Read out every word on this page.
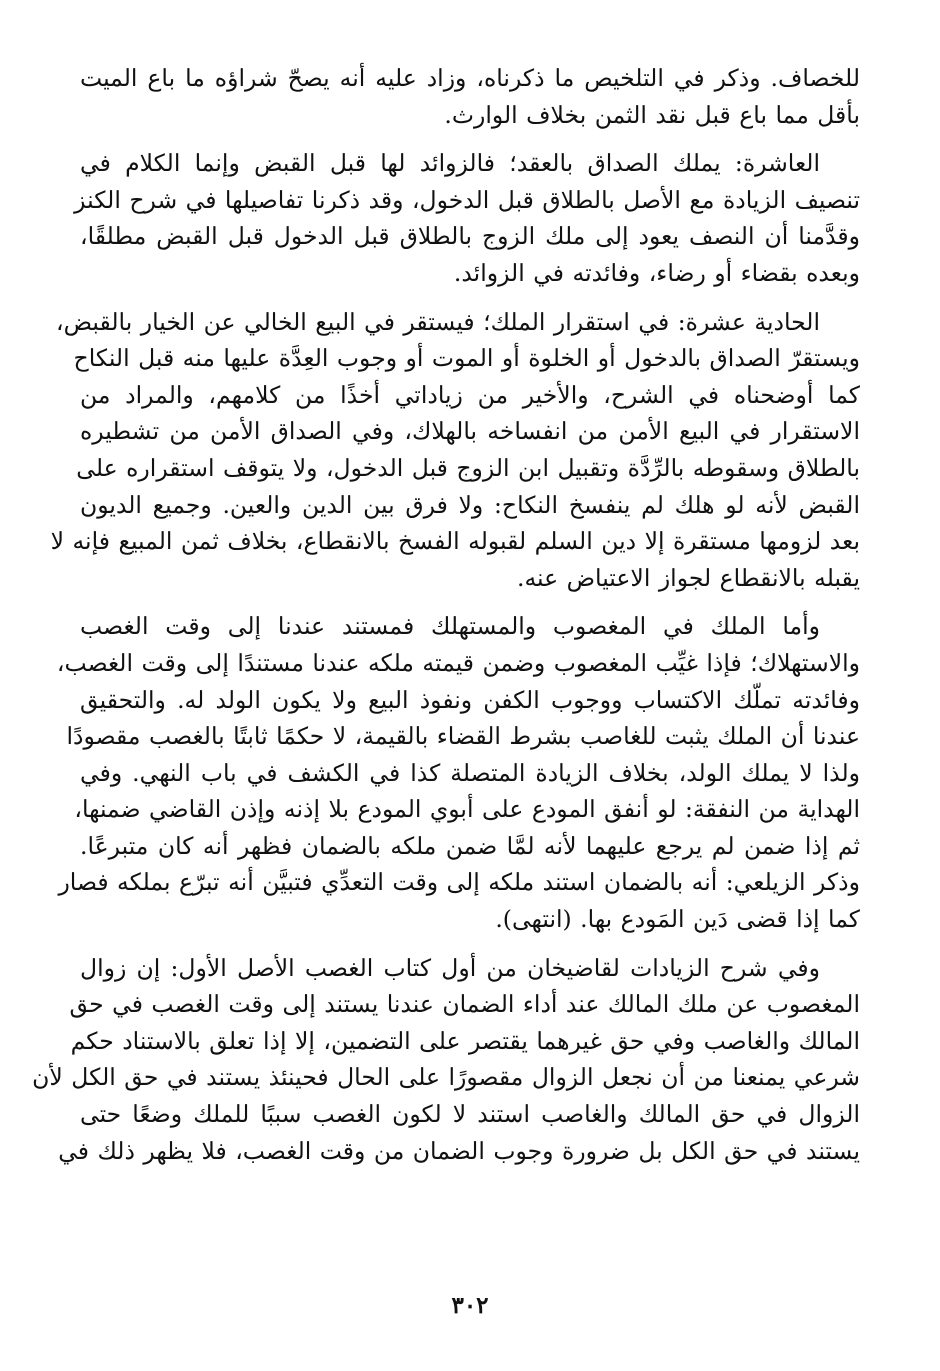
للخصاف. وذكر في التلخيص ما ذكرناه، وزاد عليه أنه يصحّ شراؤه ما باع الميت
بأقل مما باع قبل نقد الثمن بخلاف الوارث.
العاشرة: يملك الصداق بالعقد؛ فالزوائد لها قبل القبض وإنما الكلام في
تنصيف الزيادة مع الأصل بالطلاق قبل الدخول، وقد ذكرنا تفاصيلها في شرح الكنز
وقدَّمنا أن النصف يعود إلى ملك الزوج بالطلاق قبل الدخول قبل القبض مطلقًا،
وبعده بقضاء أو رضاء، وفائدته في الزوائد.
الحادية عشرة: في استقرار الملك؛ فيستقر في البيع الخالي عن الخيار بالقبض،
ويستقرّ الصداق بالدخول أو الخلوة أو الموت أو وجوب العِدَّة عليها منه قبل النكاح
كما أوضحناه في الشرح، والأخير من زياداتي أخذًا من كلامهم، والمراد من
الاستقرار في البيع الأمن من انفساخه بالهلاك، وفي الصداق الأمن من تشطيره
بالطلاق وسقوطه بالرِّدَّة وتقبيل ابن الزوج قبل الدخول، ولا يتوقف استقراره على
القبض لأنه لو هلك لم ينفسخ النكاح: ولا فرق بين الدين والعين. وجميع الديون
بعد لزومها مستقرة إلا دين السلم لقبوله الفسخ بالانقطاع، بخلاف ثمن المبيع فإنه لا
يقبله بالانقطاع لجواز الاعتياض عنه.
وأما الملك في المغصوب والمستهلك فمستند عندنا إلى وقت الغصب
والاستهلاك؛ فإذا غيِّب المغصوب وضمن قيمته ملكه عندنا مستندًا إلى وقت الغصب،
وفائدته تملّك الاكتساب ووجوب الكفن ونفوذ البيع ولا يكون الولد له. والتحقيق
عندنا أن الملك يثبت للغاصب بشرط القضاء بالقيمة، لا حكمًا ثابتًا بالغصب مقصودًا
ولذا لا يملك الولد، بخلاف الزيادة المتصلة كذا في الكشف في باب النهي. وفي
الهداية من النفقة: لو أنفق المودع على أبوي المودع بلا إذنه وإذن القاضي ضمنها،
ثم إذا ضمن لم يرجع عليهما لأنه لمَّا ضمن ملكه بالضمان فظهر أنه كان متبرعًا.
وذكر الزيلعي: أنه بالضمان استند ملكه إلى وقت التعدِّي فتبيَّن أنه تبرّع بملكه فصار
كما إذا قضى دَين المَودع بها. (انتهى).
وفي شرح الزيادات لقاضيخان من أول كتاب الغصب الأصل الأول: إن زوال
المغصوب عن ملك المالك عند أداء الضمان عندنا يستند إلى وقت الغصب في حق
المالك والغاصب وفي حق غيرهما يقتصر على التضمين، إلا إذا تعلق بالاستناد حكم
شرعي يمنعنا من أن نجعل الزوال مقصورًا على الحال فحينئذ يستند في حق الكل لأن
الزوال في حق المالك والغاصب استند لا لكون الغصب سببًا للملك وضعًا حتى
يستند في حق الكل بل ضرورة وجوب الضمان من وقت الغصب، فلا يظهر ذلك في
٣٠٢
